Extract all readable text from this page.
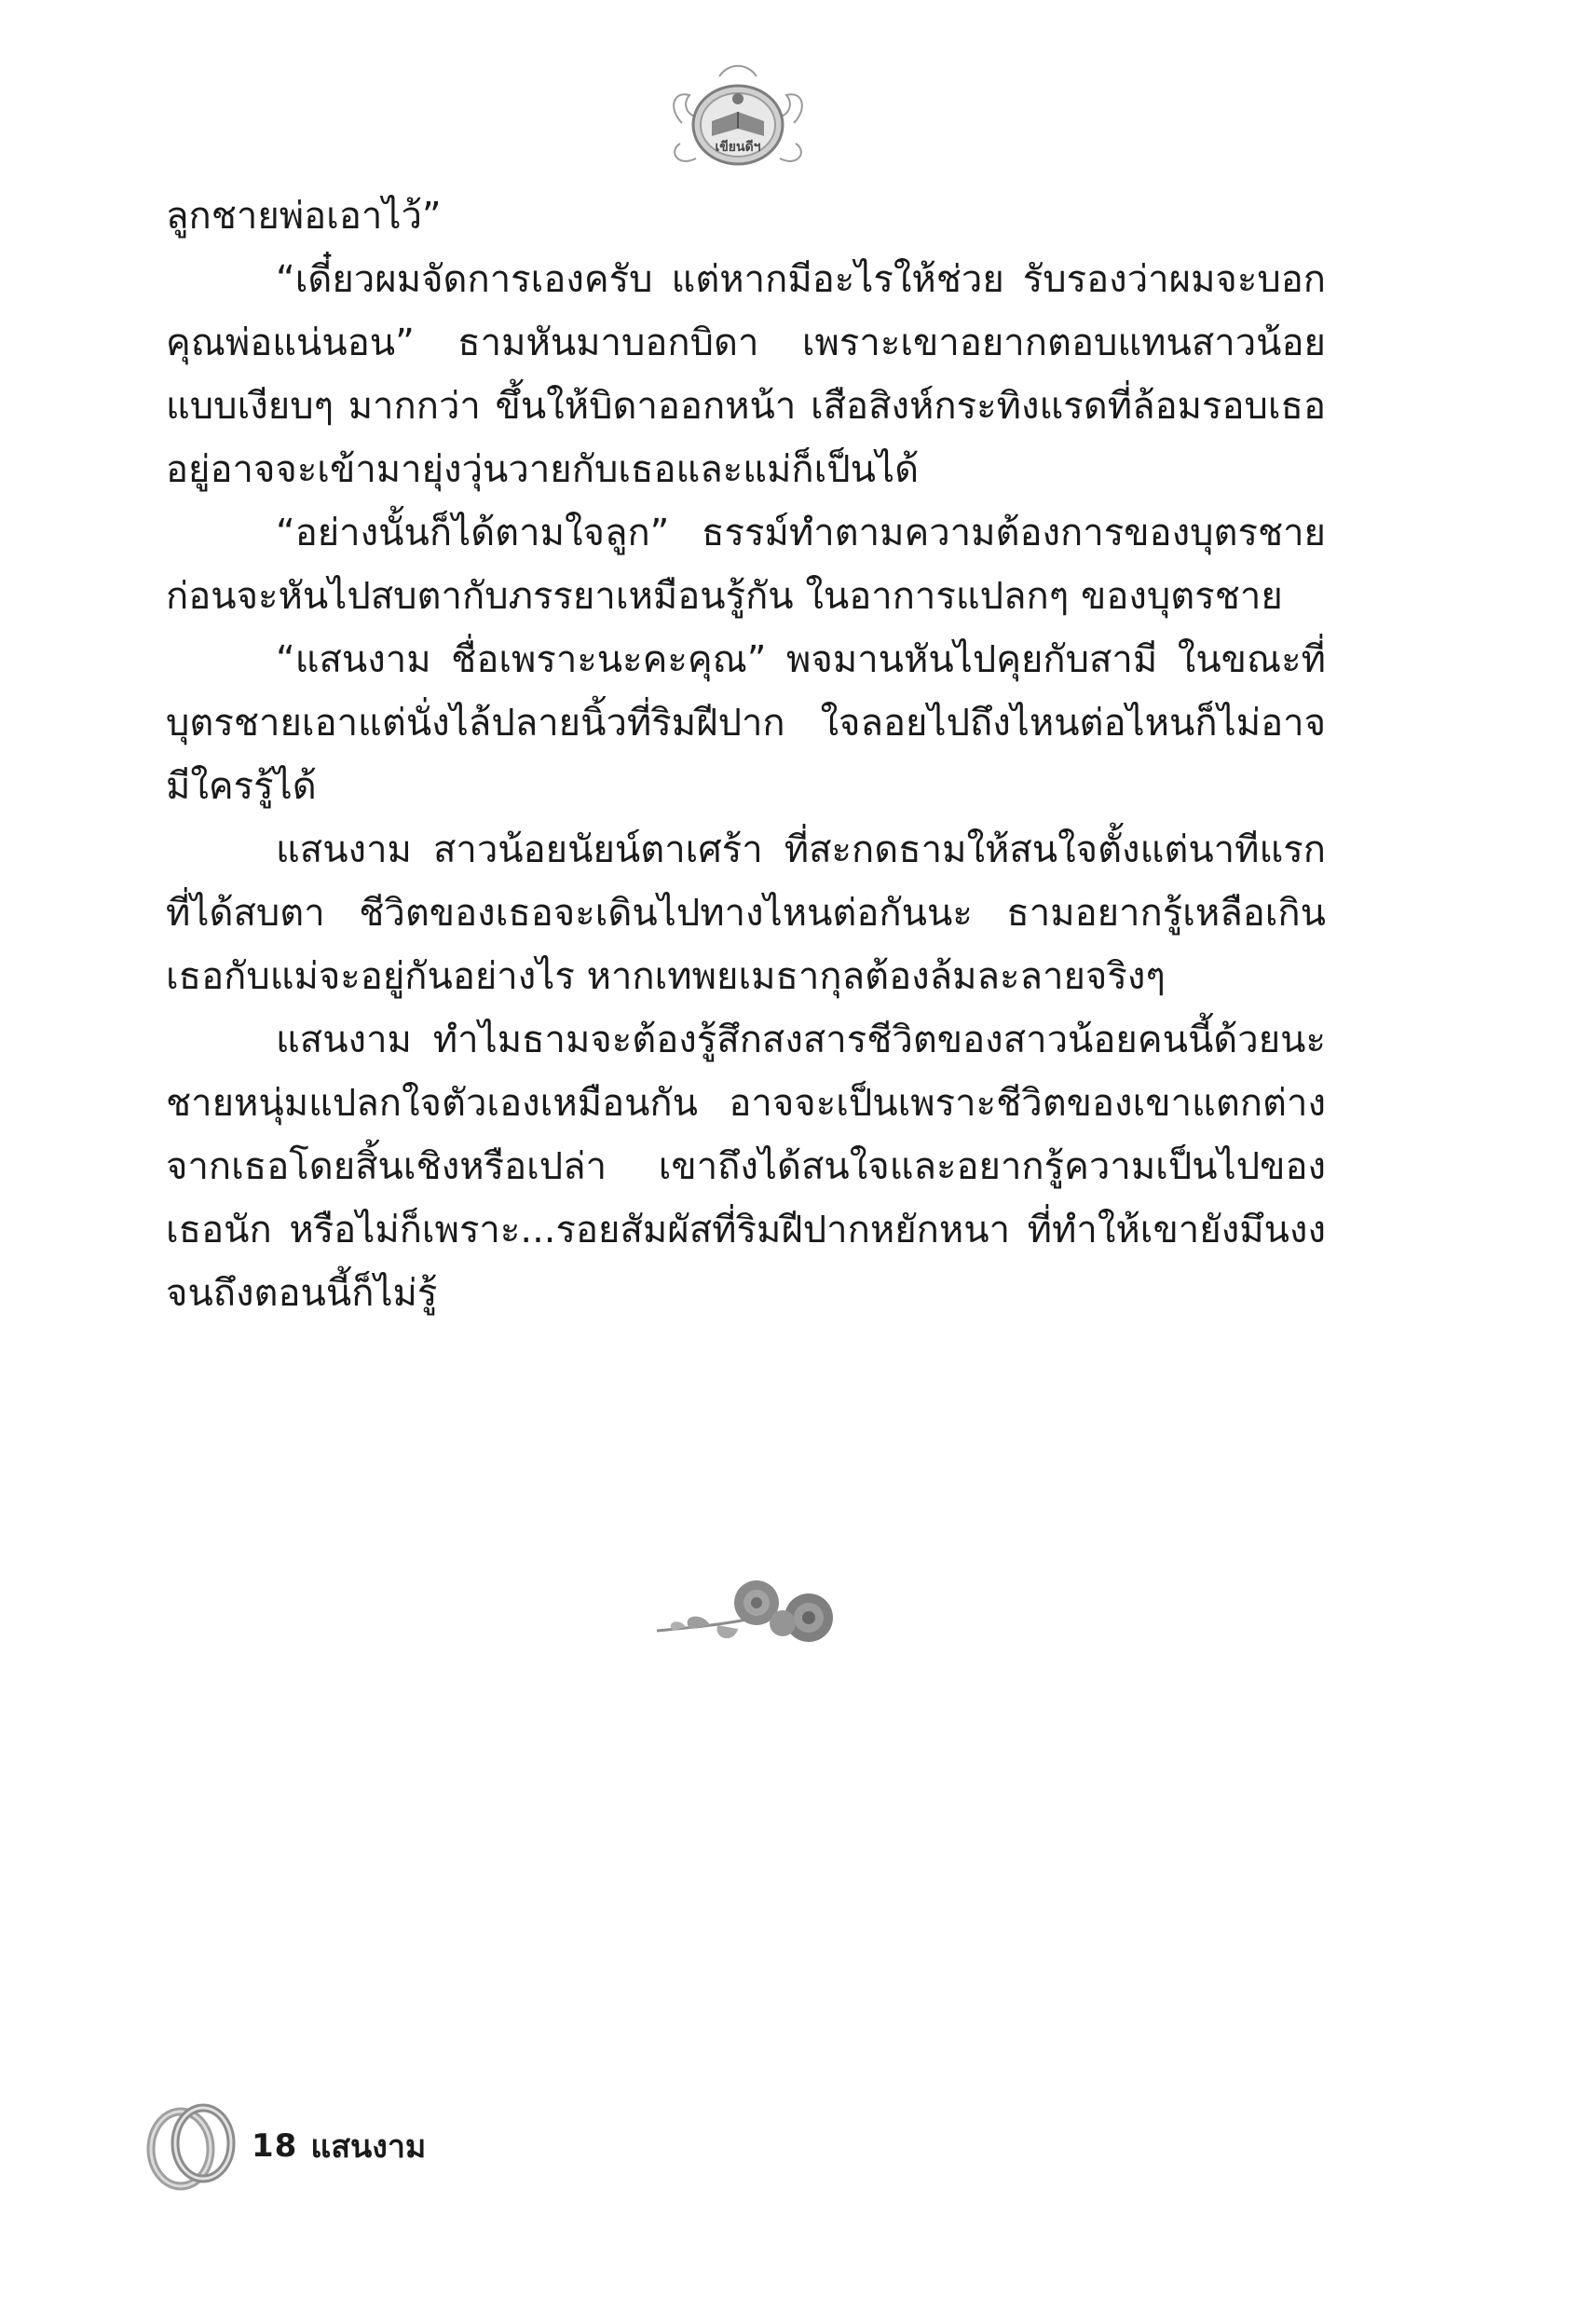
เขียนดีฯ

ลูกชายพ่อเอาไว้”

“เดี๋ยวผมจัดการเองครับ แต่หากมีอะไรให้ช่วย รับรองว่าผมจะบอกคุณพ่อแน่นอน” ธามหันมาบอกบิดา เพราะเขาอยากตอบแทนสาวน้อยแบบเงียบๆ มากกว่า ขึ้นให้บิดาออกหน้า เสือสิงห์กระทิงแรดที่ล้อมรอบเธออยู่อาจจะเข้ามายุ่งวุ่นวายกับเธอและแม่ก็เป็นได้

“อย่างนั้นก็ได้ตามใจลูก” ธรรม์ทำตามความต้องการของบุตรชายก่อนจะหันไปสบตากับภรรยาเหมือนรู้กัน ในอาการแปลกๆ ของบุตรชาย

“แสนงาม ชื่อเพราะนะคะคุณ” พจมานหันไปคุยกับสามี ในขณะที่บุตรชายเอาแต่นั่งไล้ปลายนิ้วที่ริมฝีปาก ใจลอยไปถึงไหนต่อไหนก็ไม่อาจมีใครรู้ได้

แสนงาม สาวน้อยนัยน์ตาเศร้า ที่สะกดธามให้สนใจตั้งแต่นาทีแรกที่ได้สบตา ชีวิตของเธอจะเดินไปทางไหนต่อกันนะ ธามอยากรู้เหลือเกินเธอกับแม่จะอยู่กันอย่างไร หากเทพยเมธากุลต้องล้มละลายจริงๆ

แสนงาม ทำไมธามจะต้องรู้สึกสงสารชีวิตของสาวน้อยคนนี้ด้วยนะ ชายหนุ่มแปลกใจตัวเองเหมือนกัน อาจจะเป็นเพราะชีวิตของเขาแตกต่างจากเธอโดยสิ้นเชิงหรือเปล่า เขาถึงได้สนใจและอยากรู้ความเป็นไปของเธอนัก หรือไม่ก็เพราะ...รอยสัมผัสที่ริมฝีปากหยักหนา ที่ทำให้เขายังมึนงงจนถึงตอนนี้ก็ไม่รู้

18 แสนงาม
